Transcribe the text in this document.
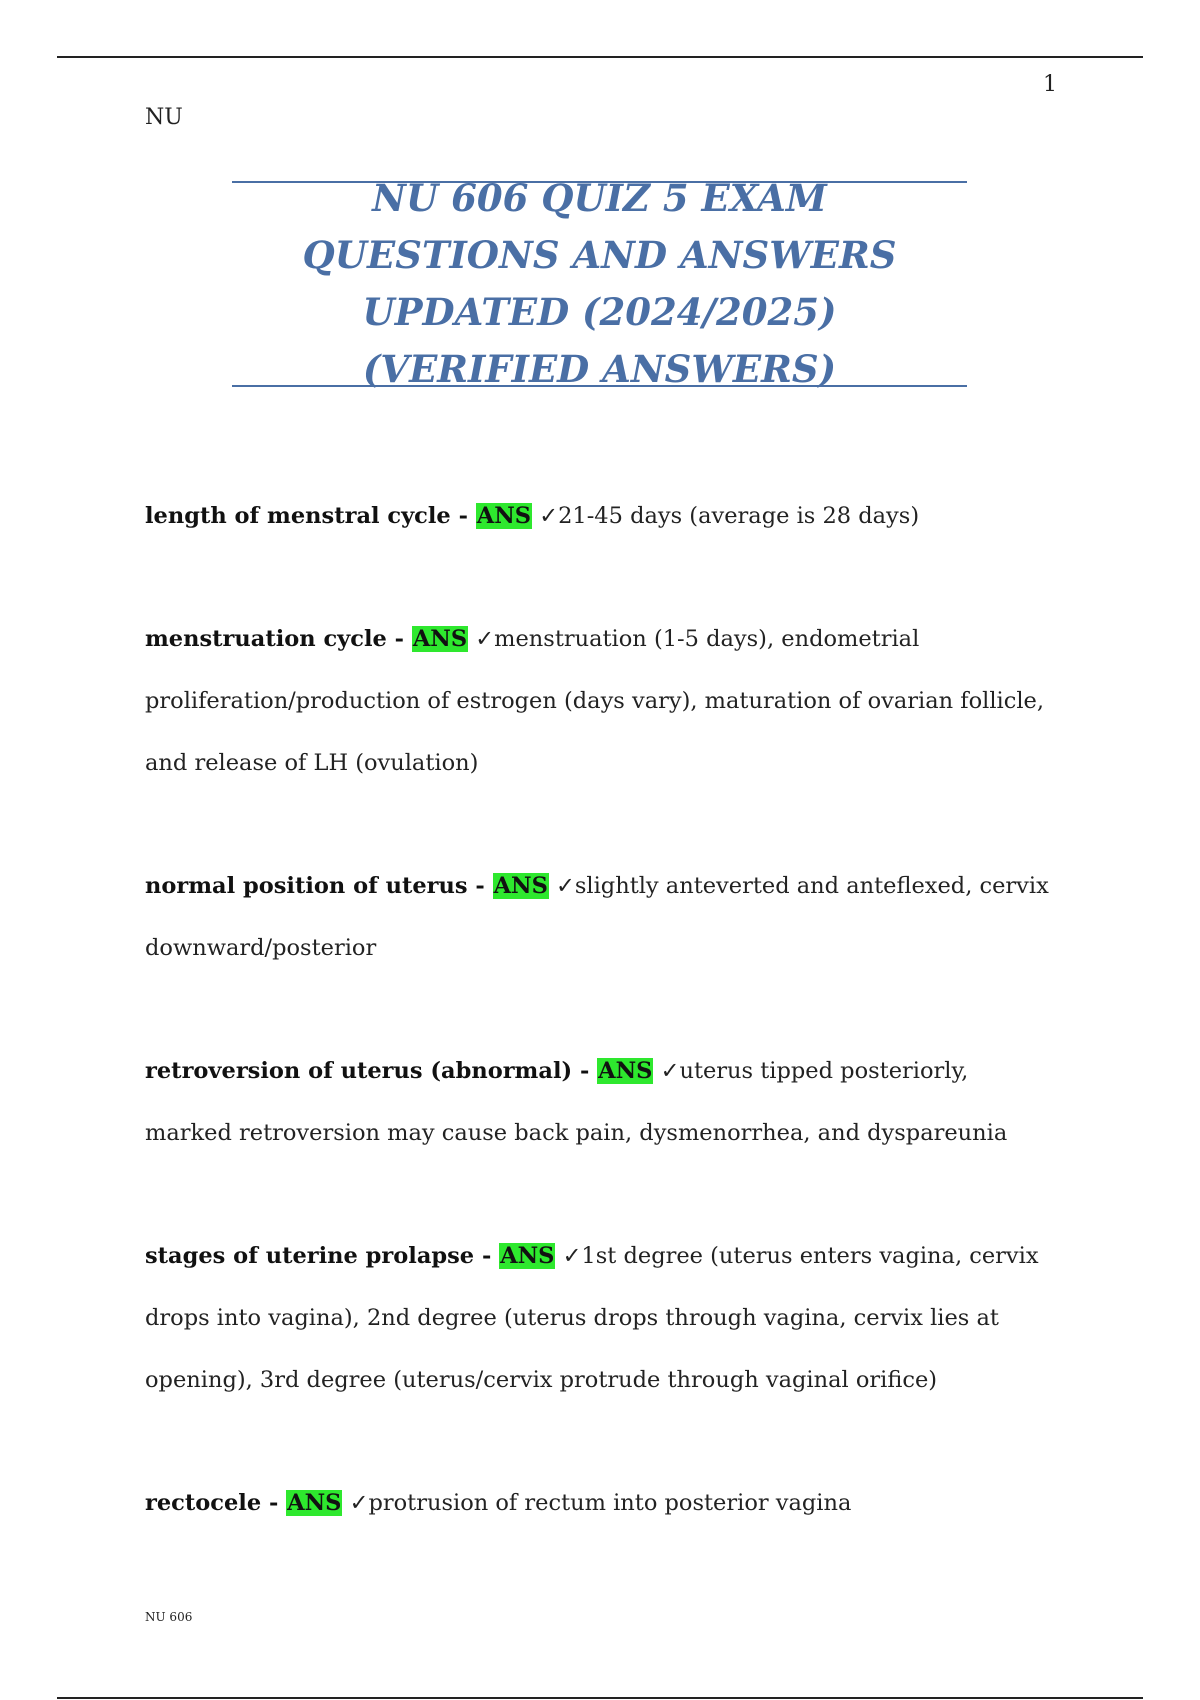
1
NU
NU 606 QUIZ 5 EXAM QUESTIONS AND ANSWERS UPDATED (2024/2025) (VERIFIED ANSWERS)

length of menstral cycle - ANS ✓21-45 days (average is 28 days)

menstruation cycle - ANS ✓menstruation (1-5 days), endometrial proliferation/production of estrogen (days vary), maturation of ovarian follicle, and release of LH (ovulation)

normal position of uterus - ANS ✓slightly anteverted and anteflexed, cervix downward/posterior

retroversion of uterus (abnormal) - ANS ✓uterus tipped posteriorly, marked retroversion may cause back pain, dysmenorrhea, and dyspareunia

stages of uterine prolapse - ANS ✓1st degree (uterus enters vagina, cervix drops into vagina), 2nd degree (uterus drops through vagina, cervix lies at opening), 3rd degree (uterus/cervix protrude through vaginal orifice)

rectocele - ANS ✓protrusion of rectum into posterior vagina

NU 606
